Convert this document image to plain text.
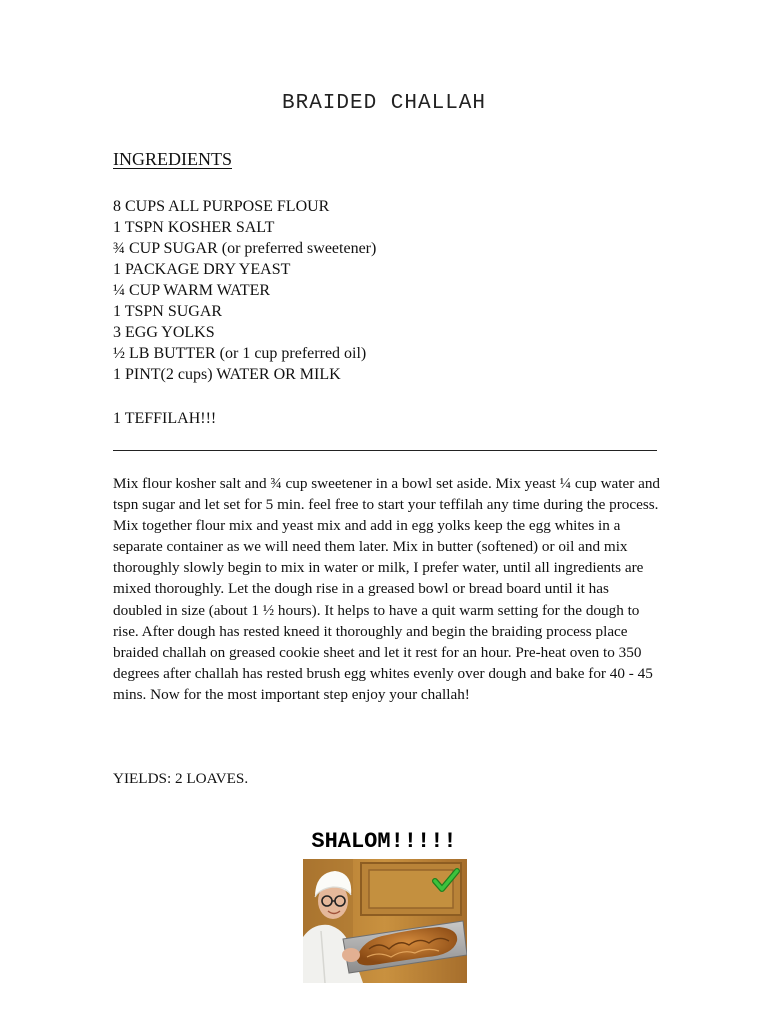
BRAIDED CHALLAH
INGREDIENTS
8 CUPS ALL PURPOSE FLOUR
1 TSPN KOSHER SALT
¾ CUP SUGAR (or preferred sweetener)
1 PACKAGE DRY YEAST
¼ CUP WARM WATER
1 TSPN SUGAR
3 EGG YOLKS
½ LB BUTTER (or 1 cup preferred oil)
1 PINT(2 cups) WATER OR MILK
1 TEFFILAH!!!

Mix flour kosher salt and ¾ cup sweetener in a bowl set aside. Mix yeast ¼ cup water and tspn sugar and let set for 5 min. feel free to start your teffilah any time during the process. Mix together flour mix and yeast mix and add in egg yolks keep the egg whites in a separate container as we will need them later. Mix in butter (softened) or oil and mix thoroughly slowly begin to mix in water or milk, I prefer water, until all ingredients are mixed thoroughly. Let the dough rise in a greased bowl or bread board until it has doubled in size (about 1 ½ hours). It helps to have a quit warm setting for the dough to rise. After dough has rested kneed it thoroughly and begin the braiding process place braided challah on greased cookie sheet and let it rest for an hour. Pre-heat oven to 350 degrees after challah has rested brush egg whites evenly over dough and bake for 40 - 45 mins. Now for the most important step enjoy your challah!

YIELDS: 2 LOAVES.
SHALOM!!!!!
